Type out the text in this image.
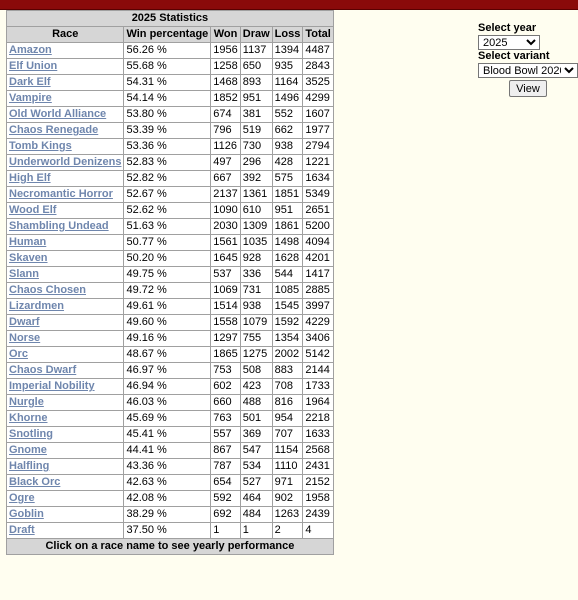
2025 Statistics					
Race	Win percentage	Won	Draw	Loss	Total
Amazon	56.26 %	1956	1137	1394	4487
Elf Union	55.68 %	1258	650	935	2843
Dark Elf	54.31 %	1468	893	1164	3525
Vampire	54.14 %	1852	951	1496	4299
Old World Alliance	53.80 %	674	381	552	1607
Chaos Renegade	53.39 %	796	519	662	1977
Tomb Kings	53.36 %	1126	730	938	2794
Underworld Denizens	52.83 %	497	296	428	1221
High Elf	52.82 %	667	392	575	1634
Necromantic Horror	52.67 %	2137	1361	1851	5349
Wood Elf	52.62 %	1090	610	951	2651
Shambling Undead	51.63 %	2030	1309	1861	5200
Human	50.77 %	1561	1035	1498	4094
Skaven	50.20 %	1645	928	1628	4201
Slann	49.75 %	537	336	544	1417
Chaos Chosen	49.72 %	1069	731	1085	2885
Lizardmen	49.61 %	1514	938	1545	3997
Dwarf	49.60 %	1558	1079	1592	4229
Norse	49.16 %	1297	755	1354	3406
Orc	48.67 %	1865	1275	2002	5142
Chaos Dwarf	46.97 %	753	508	883	2144
Imperial Nobility	46.94 %	602	423	708	1733
Nurgle	46.03 %	660	488	816	1964
Khorne	45.69 %	763	501	954	2218
Snotling	45.41 %	557	369	707	1633
Gnome	44.41 %	867	547	1154	2568
Halfling	43.36 %	787	534	1110	2431
Black Orc	42.63 %	654	527	971	2152
Ogre	42.08 %	592	464	902	1958
Goblin	38.29 %	692	484	1263	2439
Draft	37.50 %	1	1	2	4
Click on a race name to see yearly performance					
Select year
2025
Select variant
Blood Bowl 2020
View
